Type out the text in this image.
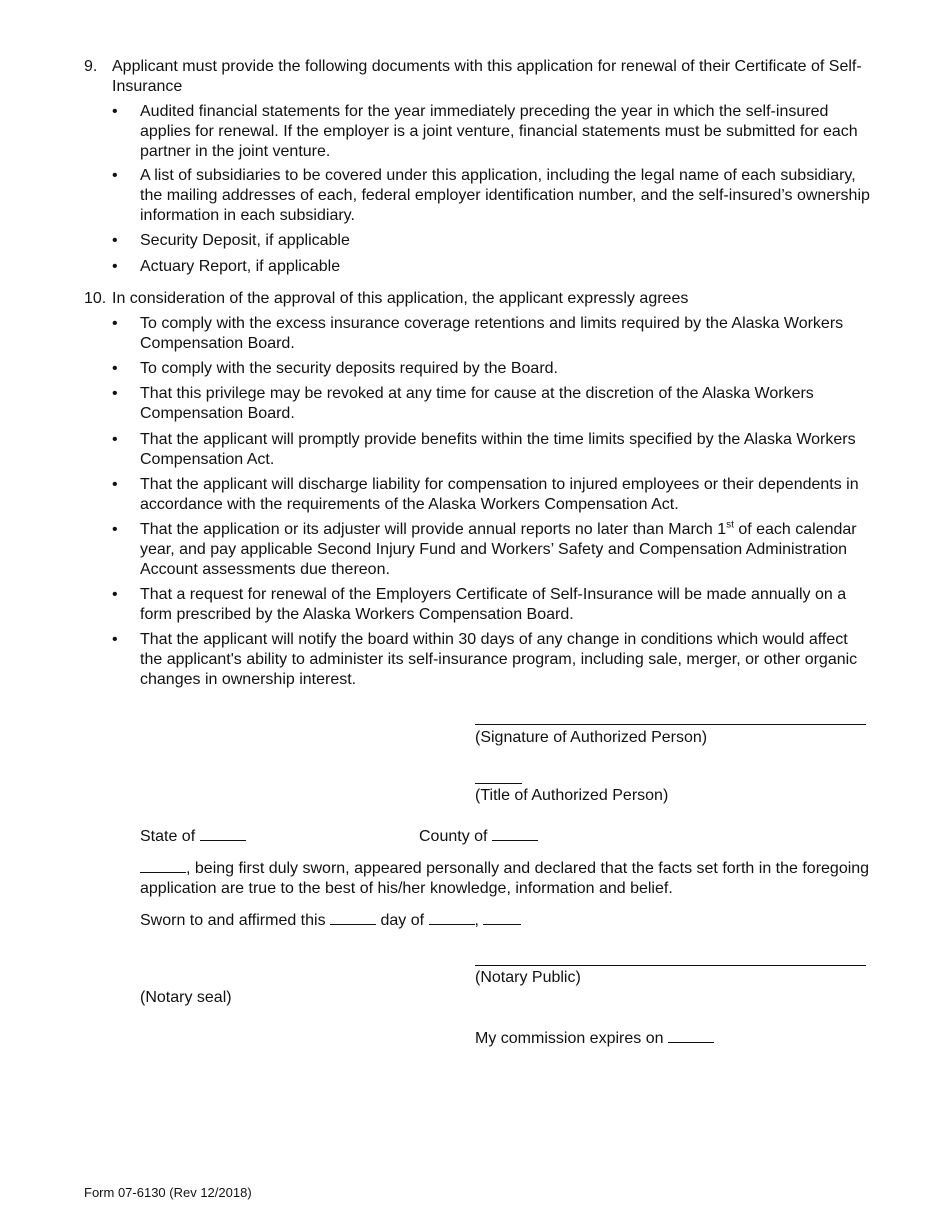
9. Applicant must provide the following documents with this application for renewal of their Certificate of Self-Insurance
• Audited financial statements for the year immediately preceding the year in which the self-insured applies for renewal. If the employer is a joint venture, financial statements must be submitted for each partner in the joint venture.
• A list of subsidiaries to be covered under this application, including the legal name of each subsidiary, the mailing addresses of each, federal employer identification number, and the self-insured’s ownership information in each subsidiary.
• Security Deposit, if applicable
• Actuary Report, if applicable
10. In consideration of the approval of this application, the applicant expressly agrees
• To comply with the excess insurance coverage retentions and limits required by the Alaska Workers Compensation Board.
• To comply with the security deposits required by the Board.
• That this privilege may be revoked at any time for cause at the discretion of the Alaska Workers Compensation Board.
• That the applicant will promptly provide benefits within the time limits specified by the Alaska Workers Compensation Act.
• That the applicant will discharge liability for compensation to injured employees or their dependents in accordance with the requirements of the Alaska Workers Compensation Act.
• That the application or its adjuster will provide annual reports no later than March 1st of each calendar year, and pay applicable Second Injury Fund and Workers’ Safety and Compensation Administration Account assessments due thereon.
• That a request for renewal of the Employers Certificate of Self-Insurance will be made annually on a form prescribed by the Alaska Workers Compensation Board.
• That the applicant will notify the board within 30 days of any change in conditions which would affect the applicant's ability to administer its self-insurance program, including sale, merger, or other organic changes in ownership interest.
(Signature of Authorized Person)
(Title of Authorized Person)
State of	County of
, being first duly sworn, appeared personally and declared that the facts set forth in the foregoing application are true to the best of his/her knowledge, information and belief.
Sworn to and affirmed this	day of	,
(Notary Public)
(Notary seal)
My commission expires on
Form 07-6130 (Rev 12/2018)
